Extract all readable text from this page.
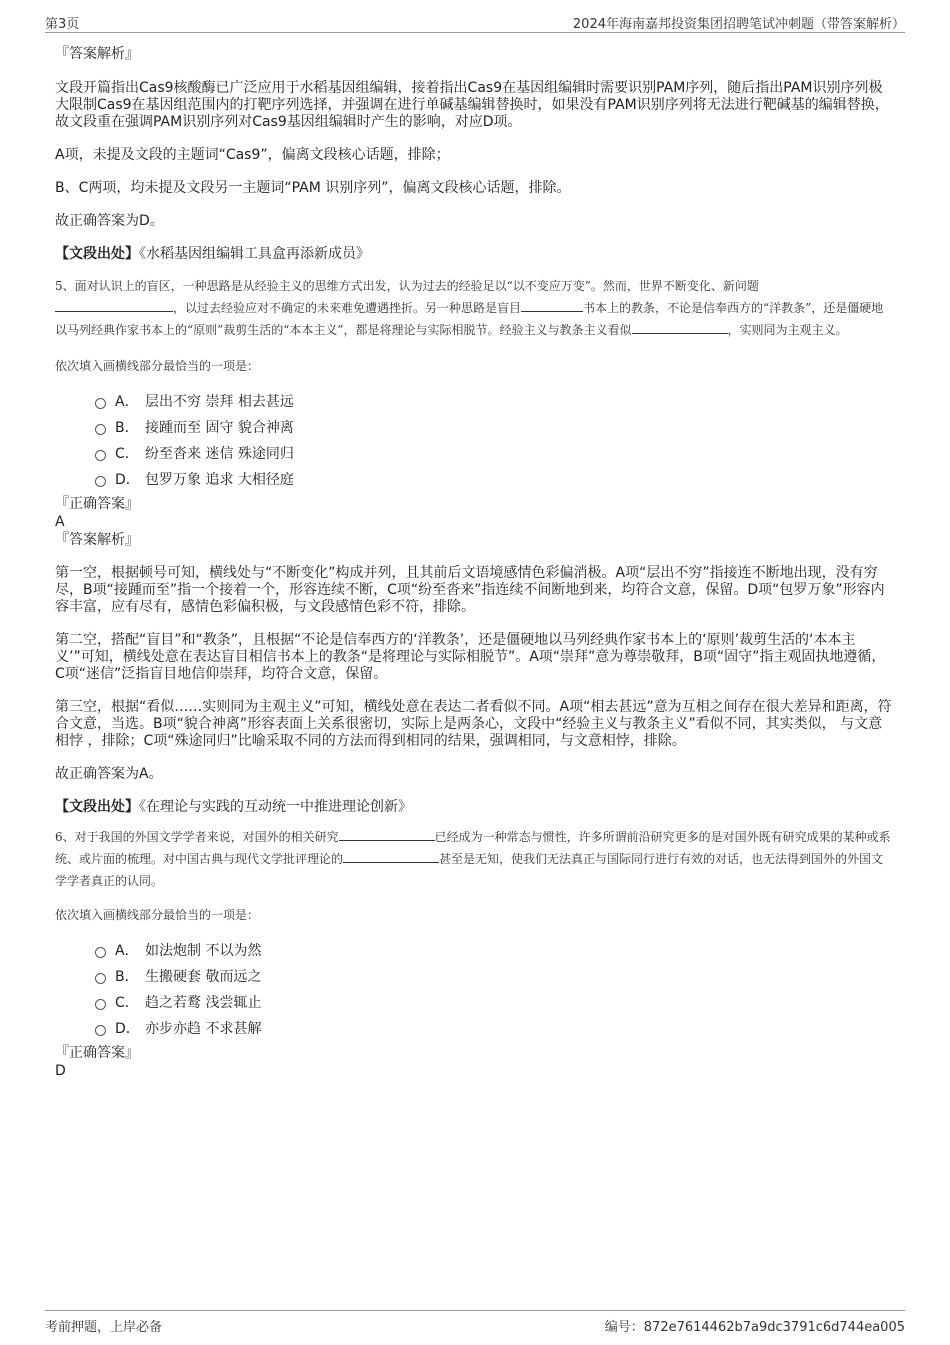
第3页	2024年海南嘉邦投资集团招聘笔试冲刺题（带答案解析）

『答案解析』

文段开篇指出Cas9核酸酶已广泛应用于水稻基因组编辑，接着指出Cas9在基因组编辑时需要识别PAM序列，随后指出PAM识别序列极大限制Cas9在基因组范围内的打靶序列选择，并强调在进行单碱基编辑替换时，如果没有PAM识别序列将无法进行靶碱基的编辑替换，故文段重在强调PAM识别序列对Cas9基因组编辑时产生的影响，对应D项。

A项，未提及文段的主题词“Cas9”，偏离文段核心话题，排除；

B、C两项，均未提及文段另一主题词“PAM 识别序列”，偏离文段核心话题，排除。

故正确答案为D。

【文段出处】《水稻基因组编辑工具盒再添新成员》

5、面对认识上的盲区，一种思路是从经验主义的思维方式出发，认为过去的经验足以“以不变应万变”。然而，世界不断变化、新问题
，以过去经验应对不确定的未来难免遭遇挫折。另一种思路是盲目	书本上的教条，不论是信奉西方的“洋教条”，还是僵硬地以马列经典作家书本上的“原则”裁剪生活的“本本主义”，都是将理论与实际相脱节。经验主义与教条主义看似	，实则同为主观主义。

依次填入画横线部分最恰当的一项是：

A． 层出不穷 崇拜 相去甚远
B． 接踵而至 固守 貌合神离
C． 纷至沓来 迷信 殊途同归
D． 包罗万象 追求 大相径庭

『正确答案』

A

『答案解析』

第一空，根据顿号可知，横线处与“不断变化”构成并列，且其前后文语境感情色彩偏消极。A项“层出不穷”指接连不断地出现，没有穷尽，B项“接踵而至”指一个接着一个，形容连续不断，C项“纷至沓来”指连续不间断地到来，均符合文意，保留。D项“包罗万象”形容内容丰富，应有尽有，感情色彩偏积极，与文段感情色彩不符，排除。

第二空，搭配“盲目”和“教条”，且根据“不论是信奉西方的‘洋教条’，还是僵硬地以马列经典作家书本上的‘原则’裁剪生活的‘本本主义’”可知，横线处意在表达盲目相信书本上的教条“是将理论与实际相脱节”。A项“崇拜”意为尊崇敬拜，B项“固守”指主观固执地遵循，C项“迷信”泛指盲目地信仰崇拜，均符合文意，保留。

第三空，根据“看似……实则同为主观主义”可知，横线处意在表达二者看似不同。A项“相去甚远”意为互相之间存在很大差异和距离，符合文意，当选。B项“貌合神离”形容表面上关系很密切，实际上是两条心，文段中“经验主义与教条主义”看似不同，其实类似， 与文意相悖 ，排除；C项“殊途同归”比喻采取不同的方法而得到相同的结果，强调相同，与文意相悖，排除。

故正确答案为A。

【文段出处】《在理论与实践的互动统一中推进理论创新》

6、对于我国的外国文学学者来说，对国外的相关研究	已经成为一种常态与惯性，许多所谓前沿研究更多的是对国外既有研究成果的某种或系统、或片面的梳理。对中国古典与现代文学批评理论的	甚至是无知，使我们无法真正与国际同行进行有效的对话，也无法得到国外的外国文学学者真正的认同。

依次填入画横线部分最恰当的一项是：

A． 如法炮制 不以为然
B． 生搬硬套 敬而远之
C． 趋之若鹜 浅尝辄止
D． 亦步亦趋 不求甚解

『正确答案』

D

考前押题，上岸必备	编号：872e7614462b7a9dc3791c6d744ea005
